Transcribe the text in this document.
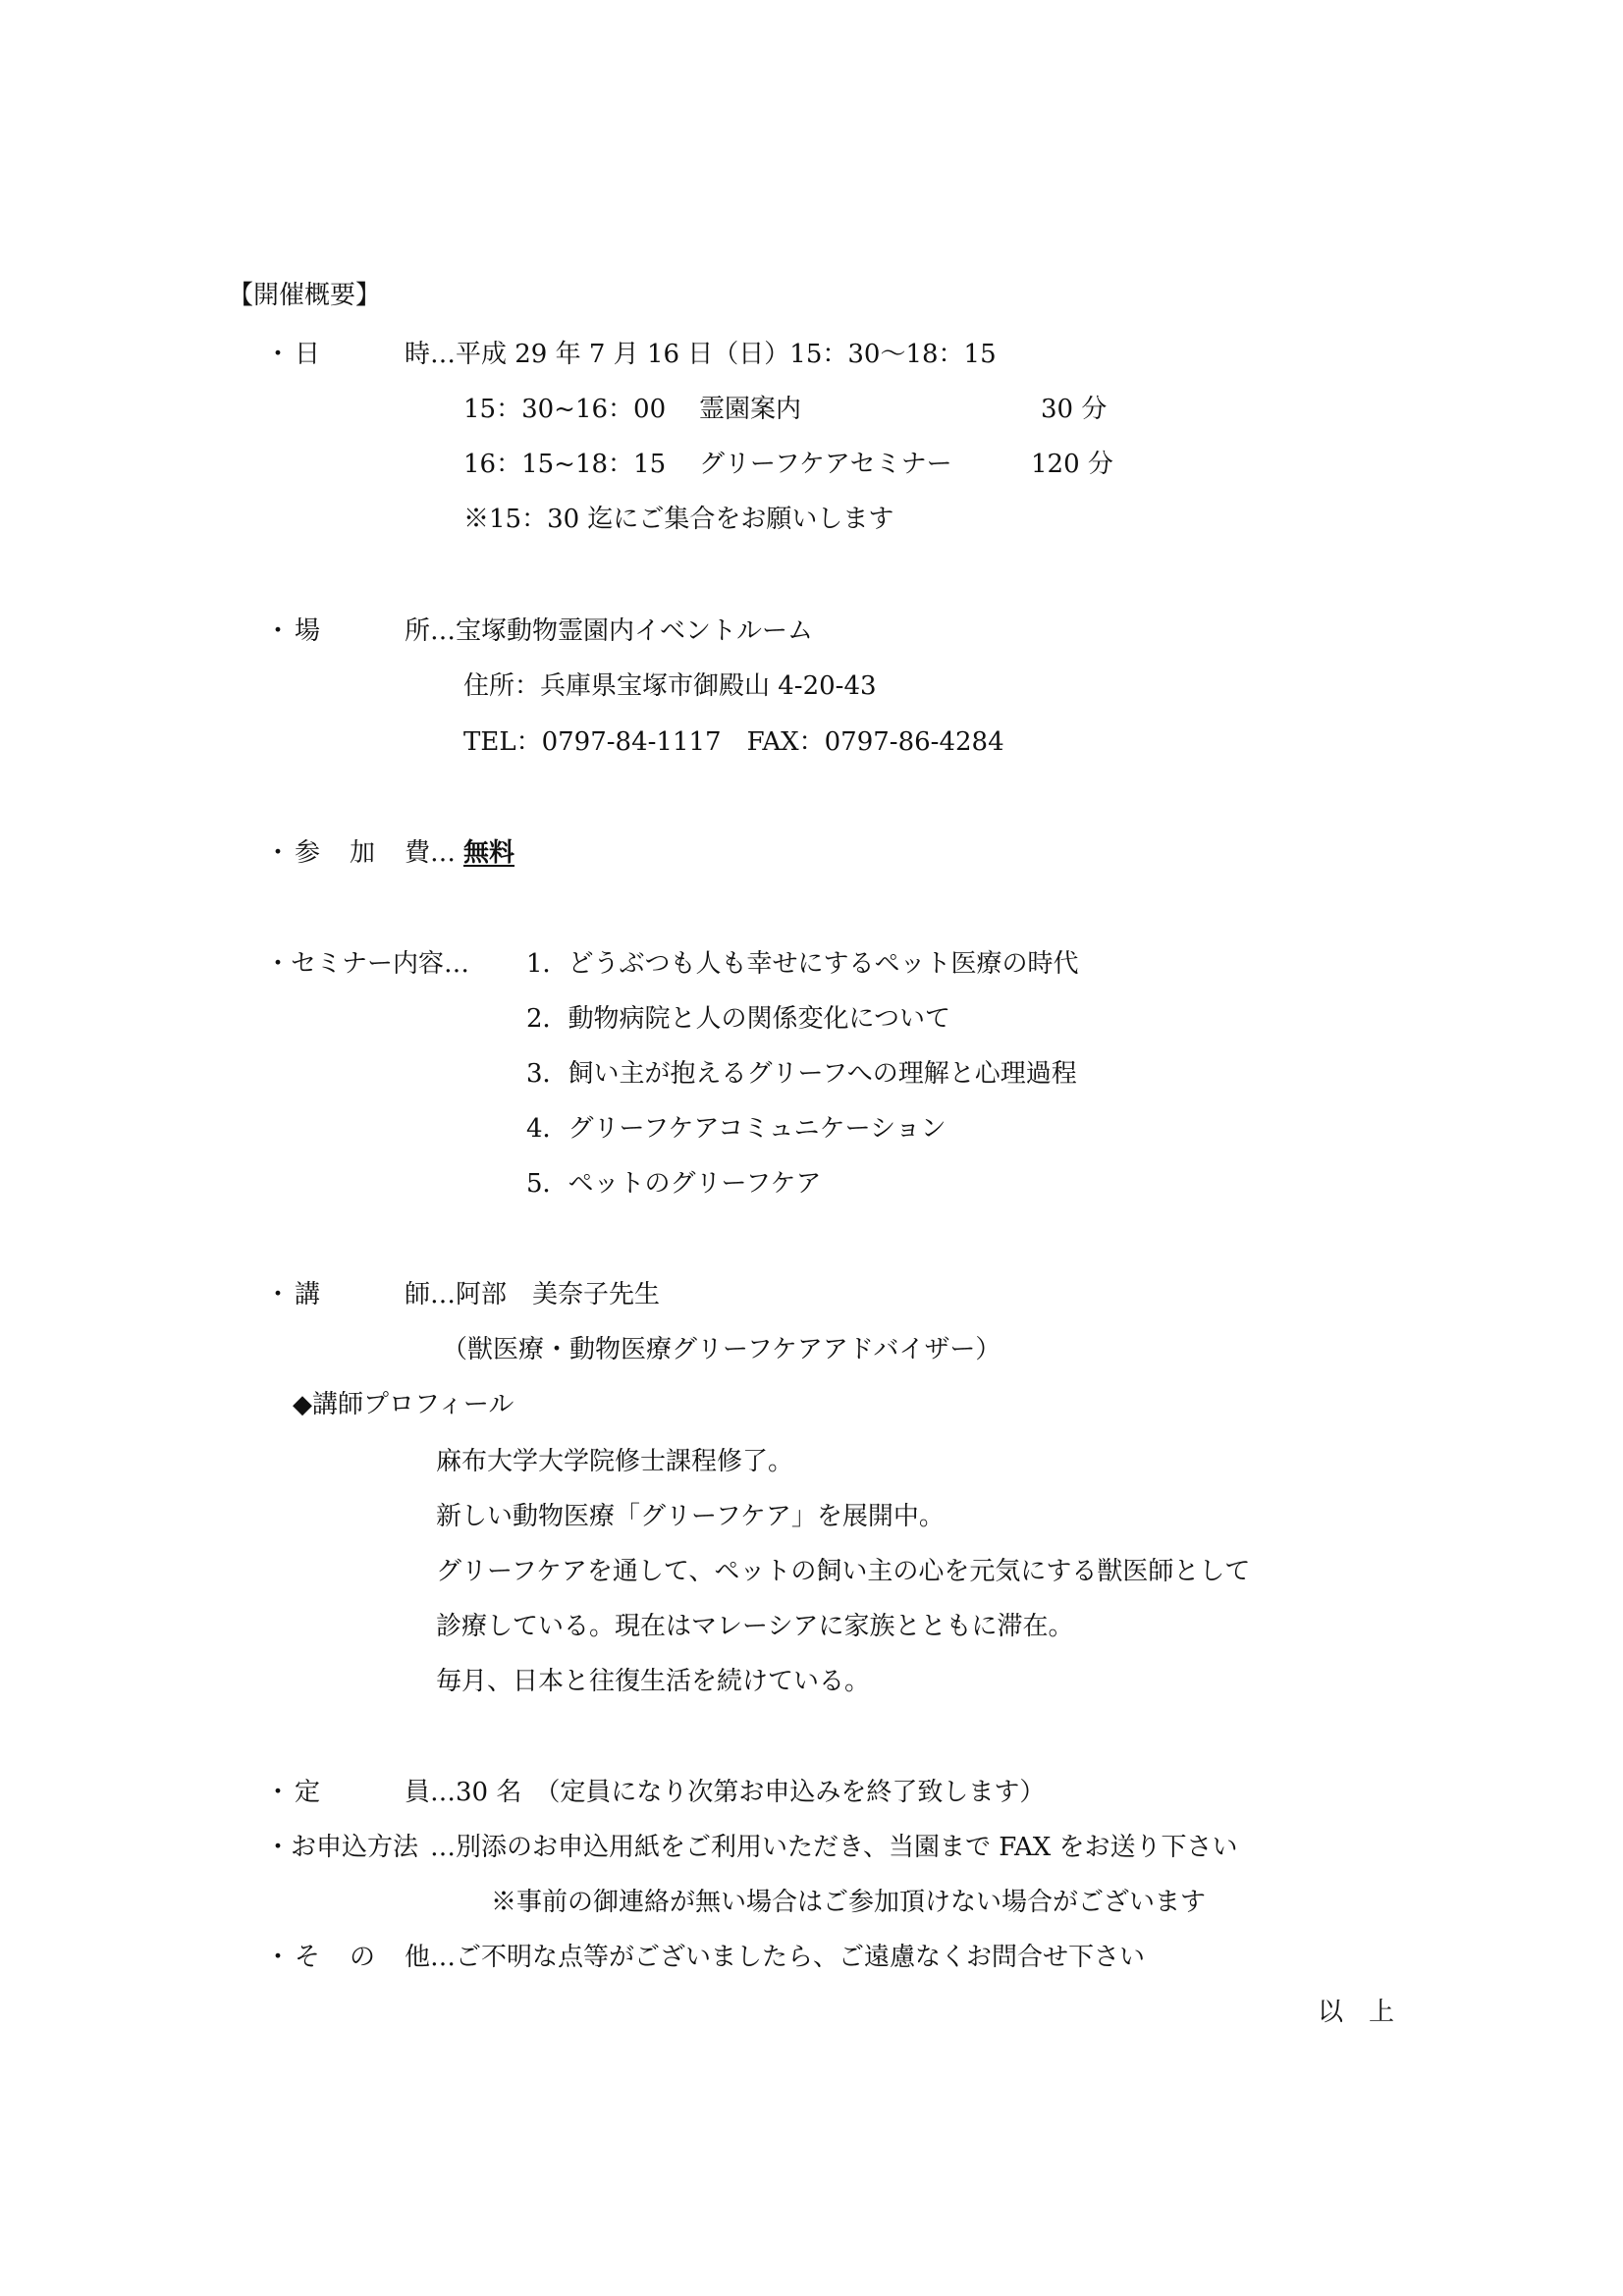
【開催概要】
・ 日	時 …平成 29 年 7 月 16 日（日）15：30〜18：15
15：30~16：00 霊園案内	30 分
16：15~18：15 グリーフケアセミナー	120 分
※15：30 迄にご集合をお願いします
・ 場	所 …宝塚動物霊園内イベントルーム
住所：兵庫県宝塚市御殿山 4-20-43
TEL：0797-84-1117　FAX：0797-86-4284
・ 参 加 費 … 無料
・セミナー内容… 1．どうぶつも人も幸せにするペット医療の時代
2．動物病院と人の関係変化について
3．飼い主が抱えるグリーフへの理解と心理過程
4．グリーフケアコミュニケーション
5．ペットのグリーフケア
・ 講	師 …阿部　美奈子先生
（獣医療・動物医療グリーフケアアドバイザー）
◆講師プロフィール
麻布大学大学院修士課程修了。
新しい動物医療「グリーフケア」を展開中。
グリーフケアを通して、ペットの飼い主の心を元気にする獣医師として
診療している。現在はマレーシアに家族とともに滞在。
毎月、日本と往復生活を続けている。
・ 定	員 …30 名　（定員になり次第お申込みを終了致します）
・お申込方法 …別添のお申込用紙をご利用いただき、当園まで FAX をお送り下さい
※事前の御連絡が無い場合はご参加頂けない場合がございます
・ そ の 他 …ご不明な点等がございましたら、ご遠慮なくお問合せ下さい
以　上
